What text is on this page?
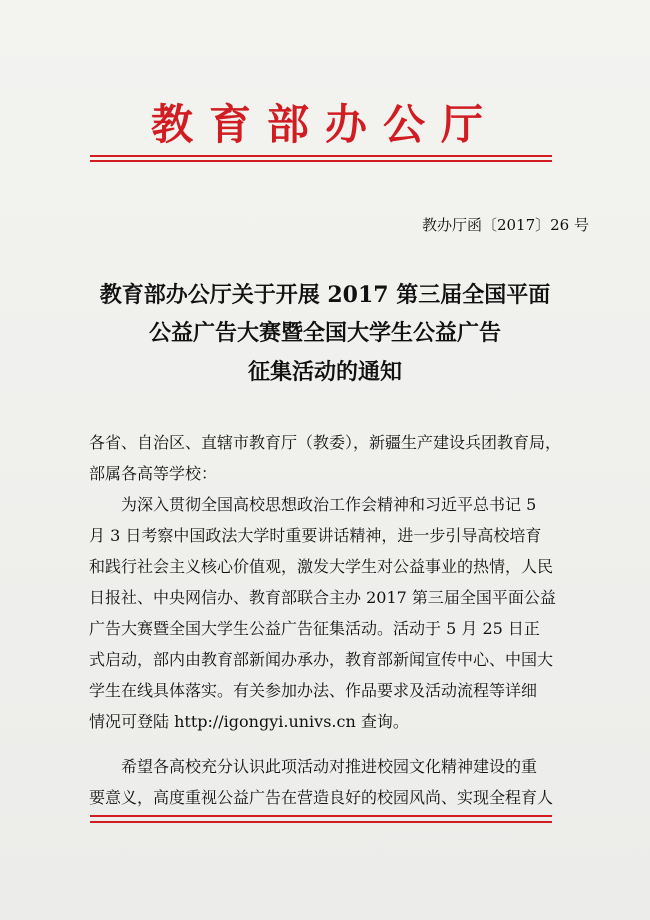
教育部办公厅
教办厅函〔2017〕26 号
教育部办公厅关于开展 2017 第三届全国平面
公益广告大赛暨全国大学生公益广告
征集活动的通知
各省、自治区、直辖市教育厅（教委），新疆生产建设兵团教育局，
部属各高等学校：
为深入贯彻全国高校思想政治工作会精神和习近平总书记 5
月 3 日考察中国政法大学时重要讲话精神，进一步引导高校培育
和践行社会主义核心价值观，激发大学生对公益事业的热情，人民
日报社、中央网信办、教育部联合主办 2017 第三届全国平面公益
广告大赛暨全国大学生公益广告征集活动。活动于 5 月 25 日正
式启动，部内由教育部新闻办承办，教育部新闻宣传中心、中国大
学生在线具体落实。有关参加办法、作品要求及活动流程等详细
情况可登陆 http://igongyi.univs.cn 查询。
希望各高校充分认识此项活动对推进校园文化精神建设的重
要意义，高度重视公益广告在营造良好的校园风尚、实现全程育人
